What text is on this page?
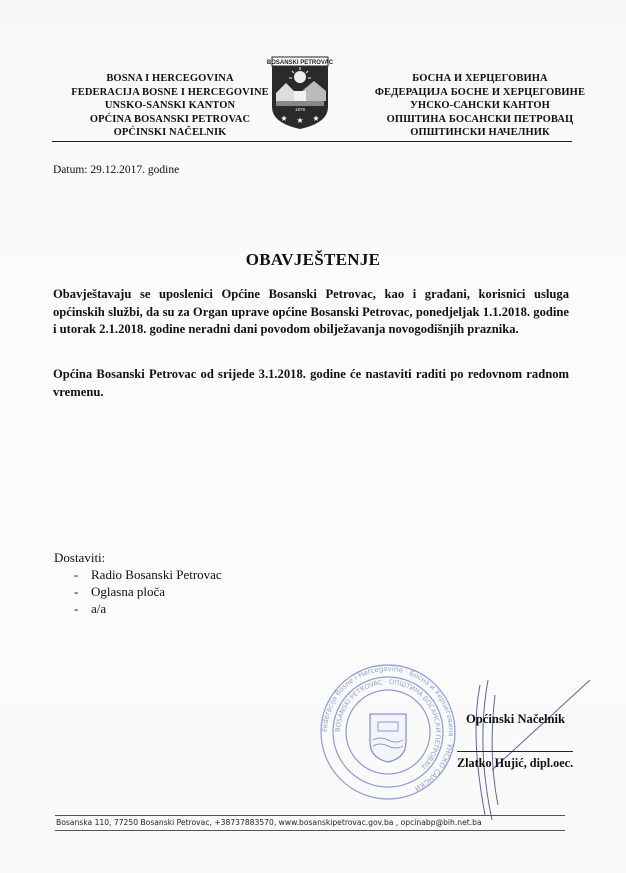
BOSNA I HERCEGOVINA
FEDERACIJA BOSNE I HERCEGOVINE
UNSKO-SANSKI KANTON
OPĆINA BOSANSKI PETROVAC
OPĆINSKI NAČELNIK
BOSANSKI PETROVAC
1878
★ ★ ★
БОСНА И ХЕРЦЕГОВИНА
ФЕДЕРАЦИЈА БОСНЕ И ХЕРЦЕГОВИНЕ
УНСКО-САНСКИ КАНТОН
ОПШТИНА БОСАНСКИ ПЕТРОВАЦ
ОПШТИНСКИ НАЧЕЛНИК
Datum: 29.12.2017. godine
OBAVJEŠTENJE
Obavještavaju se uposlenici Općine Bosanski Petrovac, kao i građani, korisnici usluga općinskih službi, da su za Organ uprave općine Bosanski Petrovac, ponedjeljak 1.1.2018. godine i utorak 2.1.2018. godine neradni dani povodom obilježavanja novogodišnjih praznika.
Općina Bosanski Petrovac od srijede 3.1.2018. godine će nastaviti raditi po redovnom radnom vremenu.
Dostaviti:
- Radio Bosanski Petrovac
- Oglasna ploča
- a/a
Federacija Bosne i Hercegovine · Босна и Херцеговина · УНСКО САНСКИ
BOSANSKI PETROVAC · ОПШТИНА БОСАНСКИ ПЕТРОВАЦ
Općinski Načelnik
Zlatko Hujić, dipl.oec.
Bosanska 110, 77250 Bosanski Petrovac, +38737883570, www.bosanskipetrovac.gov.ba , opcinabp@bih.net.ba
